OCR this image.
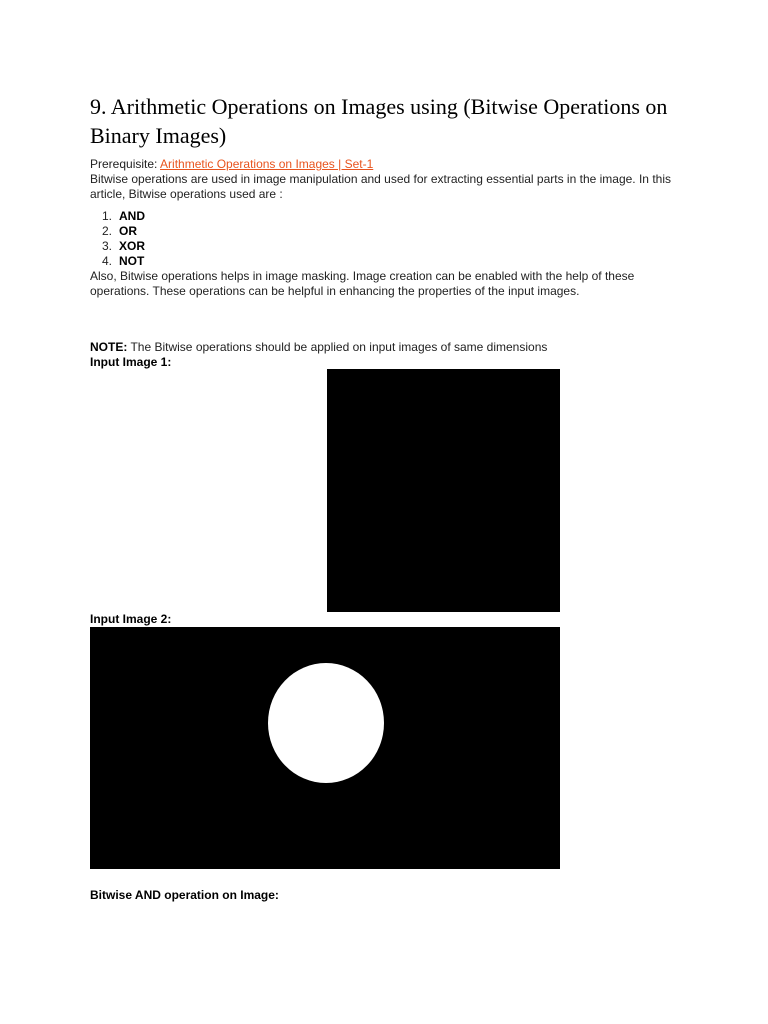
9. Arithmetic Operations on Images using (Bitwise Operations on Binary Images)
Prerequisite: Arithmetic Operations on Images | Set-1
Bitwise operations are used in image manipulation and used for extracting essential parts in the image. In this article, Bitwise operations used are :
1. AND
2. OR
3. XOR
4. NOT
Also, Bitwise operations helps in image masking. Image creation can be enabled with the help of these operations. These operations can be helpful in enhancing the properties of the input images.
NOTE: The Bitwise operations should be applied on input images of same dimensions
Input Image 1:
Input Image 2:
Bitwise AND operation on Image:
